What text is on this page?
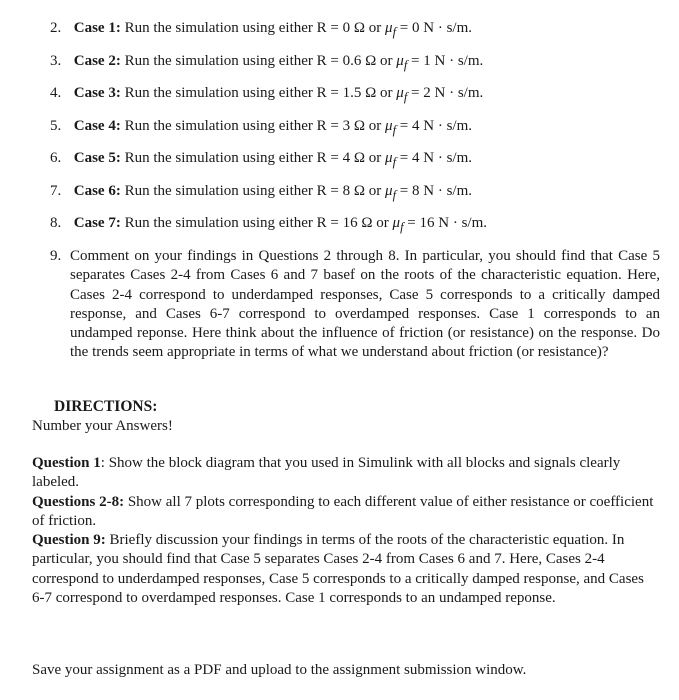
2. Case 1: Run the simulation using either R = 0 Ω or $\mu_f = 0$ N · s/m.
3. Case 2: Run the simulation using either R = 0.6 Ω or $\mu_f = 1$ N · s/m.
4. Case 3: Run the simulation using either R = 1.5 Ω or $\mu_f = 2$ N · s/m.
5. Case 4: Run the simulation using either R = 3 Ω or $\mu_f = 4$ N · s/m.
6. Case 5: Run the simulation using either R = 4 Ω or $\mu_f = 4$ N · s/m.
7. Case 6: Run the simulation using either R = 8 Ω or $\mu_f = 8$ N · s/m.
8. Case 7: Run the simulation using either R = 16 Ω or $\mu_f = 16$ N · s/m.
9. Comment on your findings in Questions 2 through 8. In particular, you should find that Case 5 separates Cases 2-4 from Cases 6 and 7 basef on the roots of the characteristic equation. Here, Cases 2-4 correspond to underdamped responses, Case 5 corresponds to a critically damped response, and Cases 6-7 correspond to overdamped responses. Case 1 corresponds to an undamped reponse. Here think about the influence of friction (or resistance) on the response. Do the trends seem appropriate in terms of what we understand about friction (or resistance)?
DIRECTIONS:
Number your Answers!

Question 1: Show the block diagram that you used in Simulink with all blocks and signals clearly labeled.

Questions 2-8: Show all 7 plots corresponding to each different value of either resistance or coefficient of friction.

Question 9: Briefly discussion your findings in terms of the roots of the characteristic equation. In particular, you should find that Case 5 separates Cases 2-4 from Cases 6 and 7. Here, Cases 2-4 correspond to underdamped responses, Case 5 corresponds to a critically damped response, and Cases 6-7 correspond to overdamped responses. Case 1 corresponds to an undamped reponse.

Save your assignment as a PDF and upload to the assignment submission window.
